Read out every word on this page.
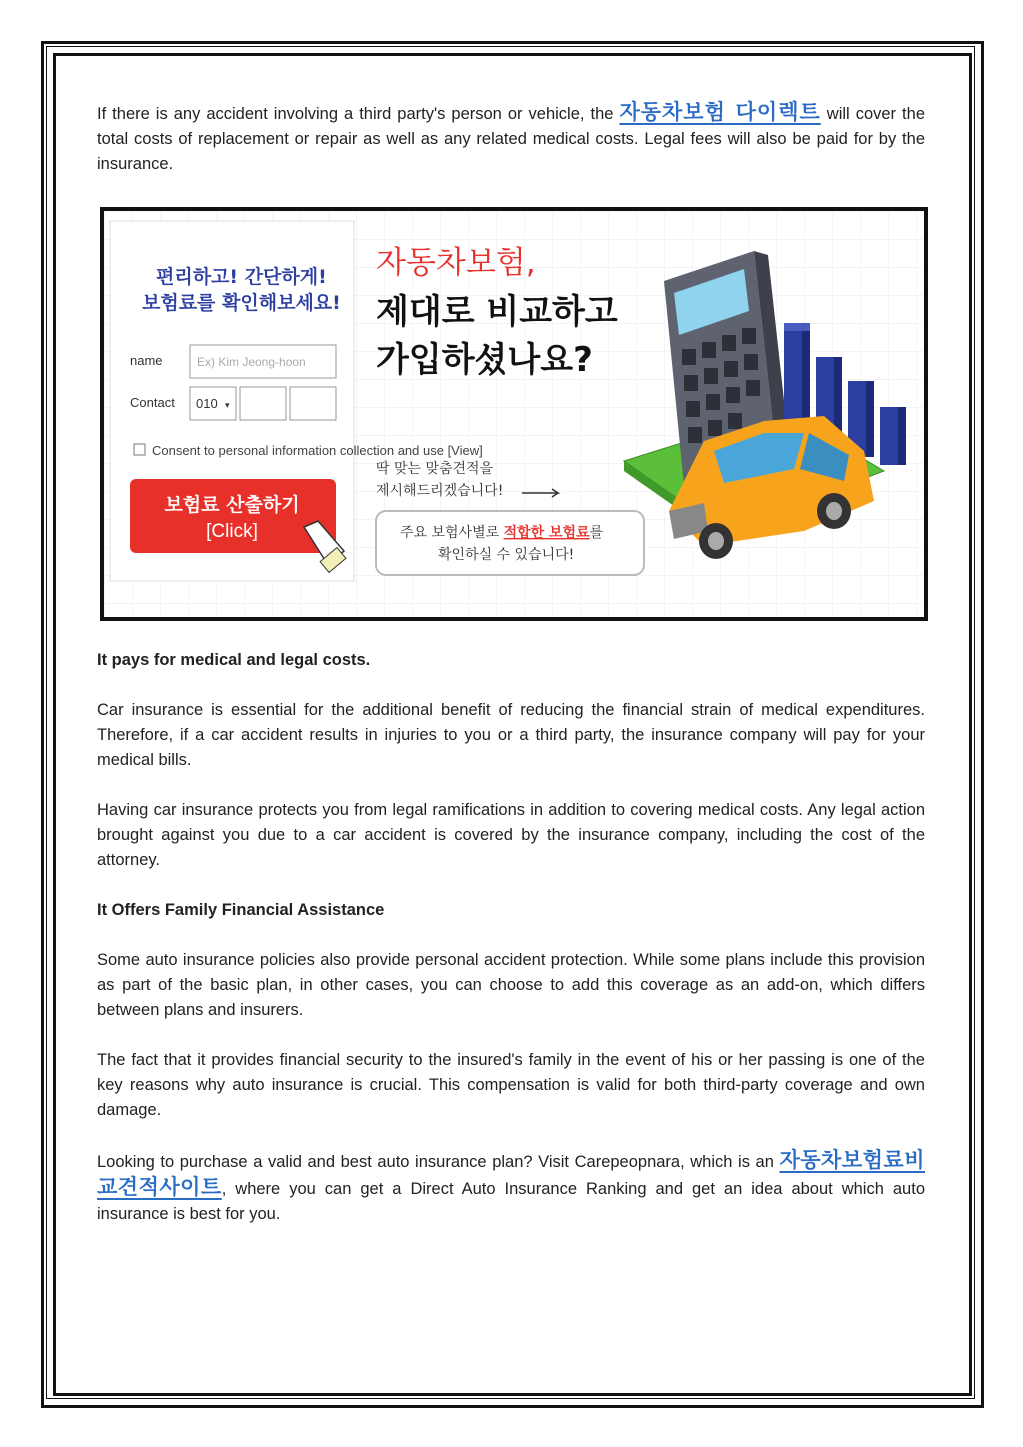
If there is any accident involving a third party's person or vehicle, the 자동차보험 다이렉트 will cover the total costs of replacement or repair as well as any related medical costs. Legal fees will also be paid for by the insurance.

편리하고! 간단하게!
보험료를 확인해보세요!
name	Ex) Kim Jeong-hoon
Contact 010 ▾
Consent to personal information collection and use [View]
보험료 산출하기
[Click]
자동차보험,
제대로 비교하고
가입하셨나요?
딱 맞는 맞춤견적을
제시해드리겠습니다!
주요 보험사별로 적합한 보험료를
확인하실 수 있습니다!

It pays for medical and legal costs.

Car insurance is essential for the additional benefit of reducing the financial strain of medical expenditures. Therefore, if a car accident results in injuries to you or a third party, the insurance company will pay for your medical bills.

Having car insurance protects you from legal ramifications in addition to covering medical costs. Any legal action brought against you due to a car accident is covered by the insurance company, including the cost of the attorney.

It Offers Family Financial Assistance

Some auto insurance policies also provide personal accident protection. While some plans include this provision as part of the basic plan, in other cases, you can choose to add this coverage as an add-on, which differs between plans and insurers.

The fact that it provides financial security to the insured's family in the event of his or her passing is one of the key reasons why auto insurance is crucial. This compensation is valid for both third-party coverage and own damage.

Looking to purchase a valid and best auto insurance plan? Visit Carepeopnara, which is an 자동차보험료비교견적사이트, where you can get a Direct Auto Insurance Ranking and get an idea about which auto insurance is best for you.
